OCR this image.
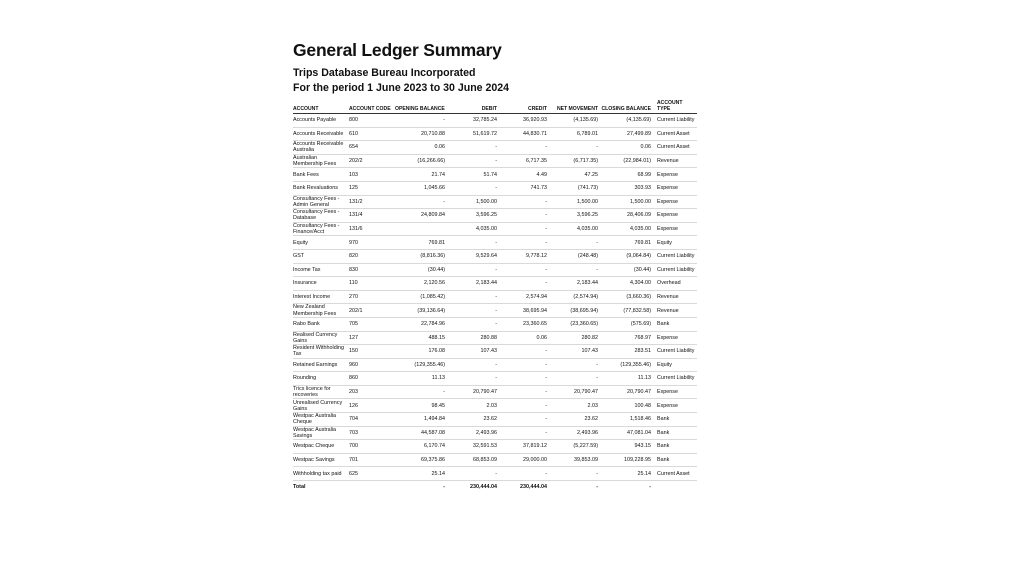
General Ledger Summary
Trips Database Bureau Incorporated
For the period 1 June 2023 to 30 June 2024
ACCOUNT	ACCOUNT CODE	OPENING BALANCE	DEBIT	CREDIT	NET MOVEMENT	CLOSING BALANCE	ACCOUNT TYPE
Accounts Payable	800	-	32,785.24	36,920.93	(4,135.69)	(4,135.69)	Current Liability
Accounts Receivable	610	20,710.88	51,619.72	44,830.71	6,789.01	27,499.89	Current Asset
Accounts Receivable Australia	654	0.06	-	-	-	0.06	Current Asset
Australian Membership Fees	202/2	(16,266.66)	-	6,717.35	(6,717.35)	(22,984.01)	Revenue
Bank Fees	103	21.74	51.74	4.49	47.25	68.99	Expense
Bank Revaluations	125	1,045.66	-	741.73	(741.73)	303.93	Expense
Consultancy Fees - Admin General	131/2	-	1,500.00	-	1,500.00	1,500.00	Expense
Consultancy Fees - Database	131/4	24,809.84	3,596.25	-	3,596.25	28,406.09	Expense
Consultancy Fees - Finance/Acct	131/6		4,035.00	-	4,035.00	4,035.00	Expense
Equity	970	769.81	-	-	-	769.81	Equity
GST	820	(8,816.36)	9,529.64	9,778.12	(248.48)	(9,064.84)	Current Liability
Income Tax	830	(30.44)	-	-	-	(30.44)	Current Liability
Insurance	110	2,120.56	2,183.44	-	2,183.44	4,304.00	Overhead
Interest Income	270	(1,085.42)	-	2,574.94	(2,574.94)	(3,660.36)	Revenue
New Zealand Membership Fees	202/1	(39,136.64)	-	38,695.94	(38,695.94)	(77,832.58)	Revenue
Rabo Bank	705	22,784.96	-	23,360.65	(23,360.65)	(575.69)	Bank
Realised Currency Gains	127	488.15	280.88	0.06	280.82	768.97	Expense
Resident Withholding Tax	150	176.08	107.43	-	107.43	283.51	Current Liability
Retained Earnings	960	(129,355.46)	-	-	-	(129,355.46)	Equity
Rounding	860	11.13	-	-	-	11.13	Current Liability
Trics licence for recoveries	203	-	20,790.47	-	20,790.47	20,790.47	Expense
Unrealised Currency Gains	126	98.45	2.03	-	2.03	100.48	Expense
Westpac Australia Cheque	704	1,494.84	23.62	-	23.62	1,518.46	Bank
Westpac Australia Savings	703	44,587.08	2,493.96	-	2,493.96	47,081.04	Bank
Westpac Cheque	700	6,170.74	32,591.53	37,819.12	(5,227.59)	943.15	Bank
Westpac Savings	701	69,375.86	68,853.09	29,000.00	39,853.09	109,228.95	Bank
Withholding tax paid	625	25.14	-	-	-	25.14	Current Asset
Total		-	230,444.04	230,444.04	-	-	
